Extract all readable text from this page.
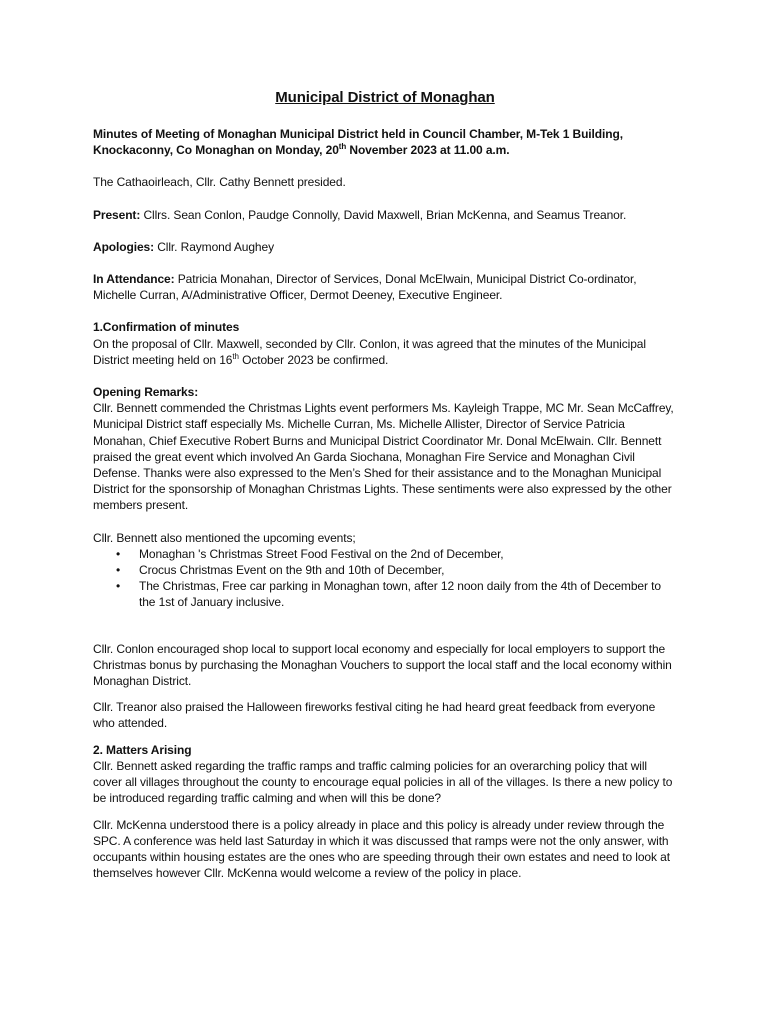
Municipal District of Monaghan

Minutes of Meeting of Monaghan Municipal District held in Council Chamber, M-Tek 1 Building, Knockaconny, Co Monaghan on Monday, 20th November 2023 at 11.00 a.m.

The Cathaoirleach, Cllr. Cathy Bennett presided.

Present: Cllrs. Sean Conlon, Paudge Connolly, David Maxwell, Brian McKenna, and Seamus Treanor.

Apologies: Cllr. Raymond Aughey

In Attendance: Patricia Monahan, Director of Services, Donal McElwain, Municipal District Co-ordinator, Michelle Curran, A/Administrative Officer, Dermot Deeney, Executive Engineer.

1.Confirmation of minutes
On the proposal of Cllr. Maxwell, seconded by Cllr. Conlon, it was agreed that the minutes of the Municipal District meeting held on 16th October 2023 be confirmed.

Opening Remarks:
Cllr. Bennett commended the Christmas Lights event performers Ms. Kayleigh Trappe, MC Mr. Sean McCaffrey, Municipal District staff especially Ms. Michelle Curran, Ms. Michelle Allister, Director of Service Patricia Monahan, Chief Executive Robert Burns and Municipal District Coordinator Mr. Donal McElwain. Cllr. Bennett praised the great event which involved An Garda Siochana, Monaghan Fire Service and Monaghan Civil Defense. Thanks were also expressed to the Men’s Shed for their assistance and to the Monaghan Municipal District for the sponsorship of Monaghan Christmas Lights. These sentiments were also expressed by the other members present.

Cllr. Bennett also mentioned the upcoming events;

• Monaghan 's Christmas Street Food Festival on the 2nd of December,
• Crocus Christmas Event on the 9th and 10th of December,
• The Christmas, Free car parking in Monaghan town, after 12 noon daily from the 4th of December to the 1st of January inclusive.

Cllr. Conlon encouraged shop local to support local economy and especially for local employers to support the Christmas bonus by purchasing the Monaghan Vouchers to support the local staff and the local economy within Monaghan District.

Cllr. Treanor also praised the Halloween fireworks festival citing he had heard great feedback from everyone who attended.

2. Matters Arising
Cllr. Bennett asked regarding the traffic ramps and traffic calming policies for an overarching policy that will cover all villages throughout the county to encourage equal policies in all of the villages. Is there a new policy to be introduced regarding traffic calming and when will this be done?

Cllr. McKenna understood there is a policy already in place and this policy is already under review through the SPC. A conference was held last Saturday in which it was discussed that ramps were not the only answer, with occupants within housing estates are the ones who are speeding through their own estates and need to look at themselves however Cllr. McKenna would welcome a review of the policy in place.
